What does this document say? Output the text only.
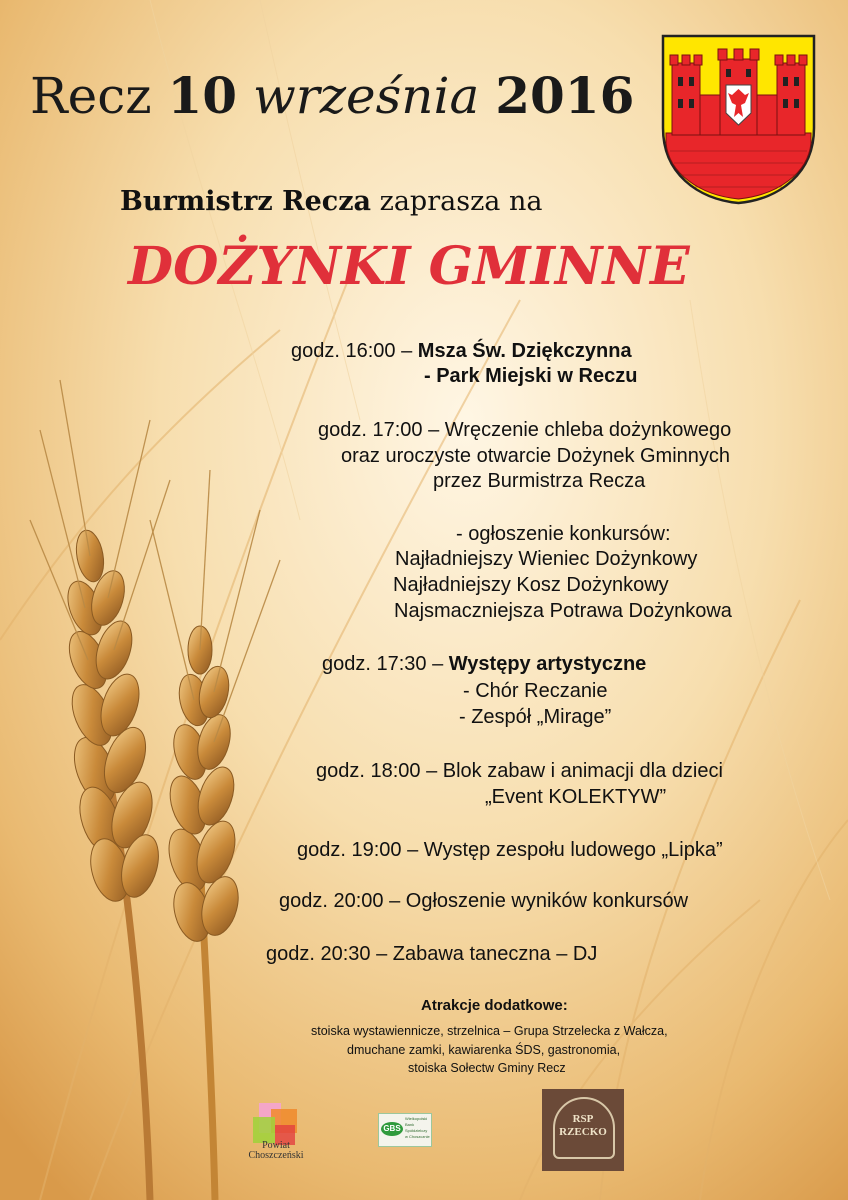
Recz 10 września 2016
Burmistrz Recza zaprasza na
DOŻYNKI GMINNE
godz. 16:00 – Msza Św. Dziękczynna
- Park Miejski w Reczu
godz. 17:00 – Wręczenie chleba dożynkowego
oraz uroczyste otwarcie Dożynek Gminnych
przez Burmistrza Recza
- ogłoszenie konkursów:
Najładniejszy Wieniec Dożynkowy
Najładniejszy Kosz Dożynkowy
Najsmaczniejsza Potrawa Dożynkowa
godz. 17:30 – Występy artystyczne
- Chór Reczanie
- Zespół „Mirage”
godz. 18:00 – Blok zabaw i animacji dla dzieci
„Event KOLEKTYW”
godz. 19:00 – Występ zespołu ludowego „Lipka”
godz. 20:00 – Ogłoszenie wyników konkursów
godz. 20:30 – Zabawa taneczna – DJ
Atrakcje dodatkowe:
stoiska wystawiennicze, strzelnica – Grupa Strzelecka z Wałcza,
dmuchane zamki, kawiarenka ŚDS, gastronomia,
stoiska Sołectw Gminy Recz
Powiat
Choszczeński
GBS
Wielkopolski
Bank
Spółdzielczy
w Choszcznie
RSP
RZECKO
